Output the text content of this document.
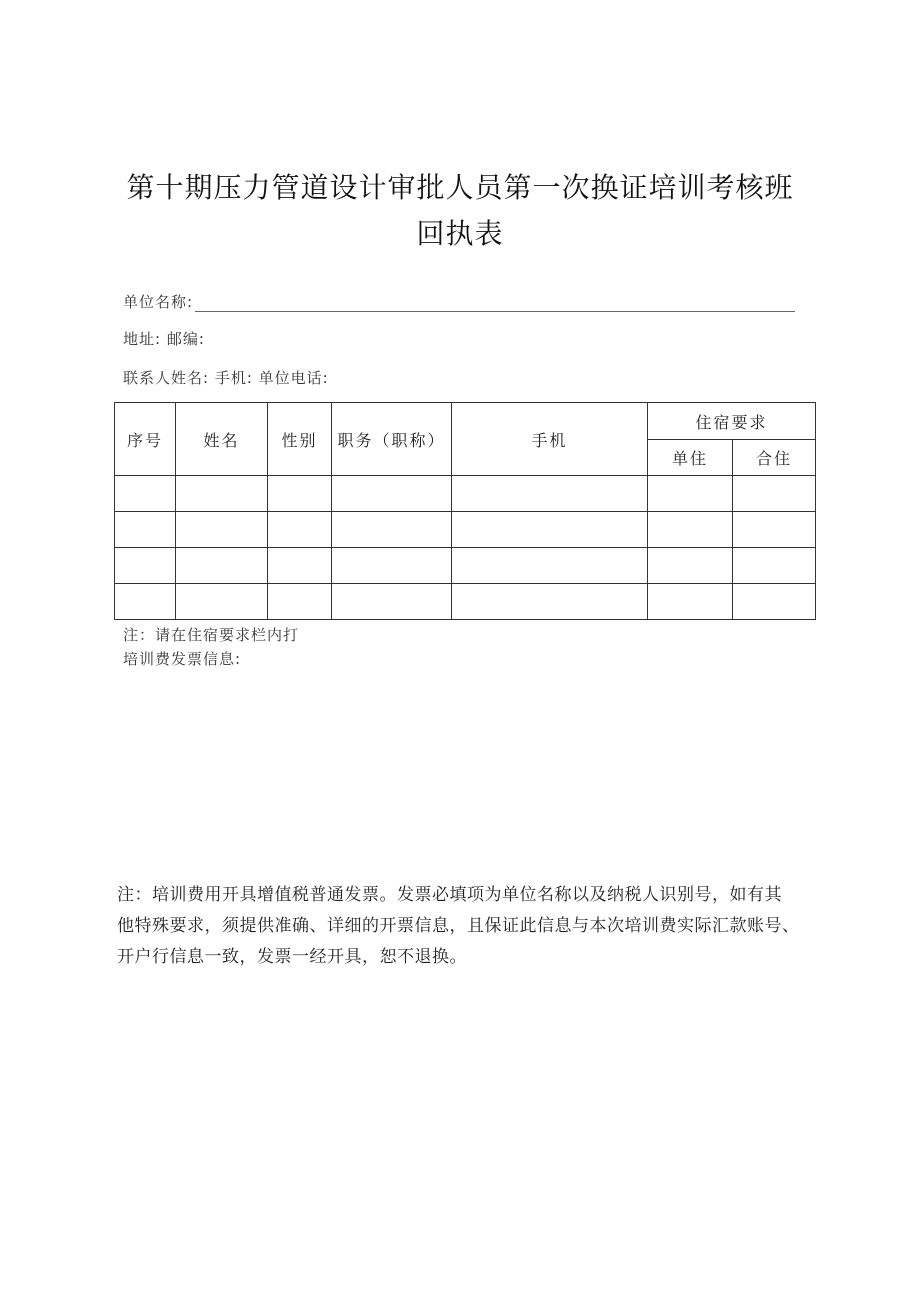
第十期压力管道设计审批人员第一次换证培训考核班
回执表
单位名称:
地址: 邮编:
联系人姓名: 手机: 单位电话:
序号	姓名	性别	职务（职称）	手机	住宿要求	
					单住	合住

注：请在住宿要求栏内打
培训费发票信息:
注：培训费用开具增值税普通发票。发票必填项为单位名称以及纳税人识别号，如有其
他特殊要求，须提供准确、详细的开票信息，且保证此信息与本次培训费实际汇款账号、
开户行信息一致，发票一经开具，恕不退换。
